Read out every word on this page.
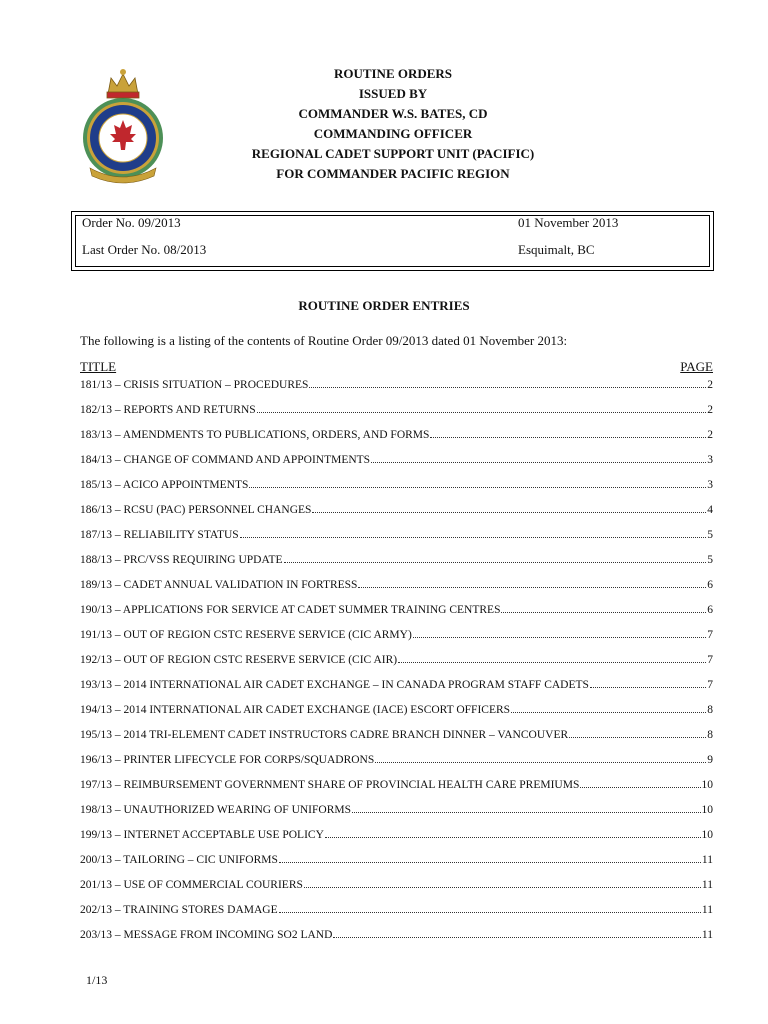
ROUTINE ORDERS
ISSUED BY
COMMANDER W.S. BATES, CD
COMMANDING OFFICER
REGIONAL CADET SUPPORT UNIT (PACIFIC)
FOR COMMANDER PACIFIC REGION
Order No. 09/2013	01 November 2013
Last Order No. 08/2013	Esquimalt, BC
ROUTINE ORDER ENTRIES
The following is a listing of the contents of Routine Order 09/2013 dated 01 November 2013:
TITLE	PAGE
181/13 – CRISIS SITUATION – PROCEDURES	2
182/13 – REPORTS AND RETURNS	2
183/13 – AMENDMENTS TO PUBLICATIONS, ORDERS, AND FORMS	2
184/13 – CHANGE OF COMMAND AND APPOINTMENTS	3
185/13 – ACICO APPOINTMENTS	3
186/13 – RCSU (PAC) PERSONNEL CHANGES	4
187/13 – RELIABILITY STATUS	5
188/13 – PRC/VSS REQUIRING UPDATE	5
189/13 – CADET ANNUAL VALIDATION IN FORTRESS	6
190/13 – APPLICATIONS FOR SERVICE AT CADET SUMMER TRAINING CENTRES	6
191/13 – OUT OF REGION CSTC RESERVE SERVICE (CIC ARMY)	7
192/13 – OUT OF REGION CSTC RESERVE SERVICE (CIC AIR)	7
193/13 – 2014 INTERNATIONAL AIR CADET EXCHANGE – IN CANADA PROGRAM STAFF CADETS	7
194/13 – 2014 INTERNATIONAL AIR CADET EXCHANGE (IACE) ESCORT OFFICERS	8
195/13 – 2014 TRI-ELEMENT CADET INSTRUCTORS CADRE BRANCH DINNER – VANCOUVER	8
196/13 – PRINTER LIFECYCLE FOR CORPS/SQUADRONS	9
197/13 – REIMBURSEMENT GOVERNMENT SHARE OF PROVINCIAL HEALTH CARE PREMIUMS	10
198/13 – UNAUTHORIZED WEARING OF UNIFORMS	10
199/13 – INTERNET ACCEPTABLE USE POLICY	10
200/13 – TAILORING – CIC UNIFORMS	11
201/13 – USE OF COMMERCIAL COURIERS	11
202/13 – TRAINING STORES DAMAGE	11
203/13 – MESSAGE FROM INCOMING SO2 LAND	11
1/13
